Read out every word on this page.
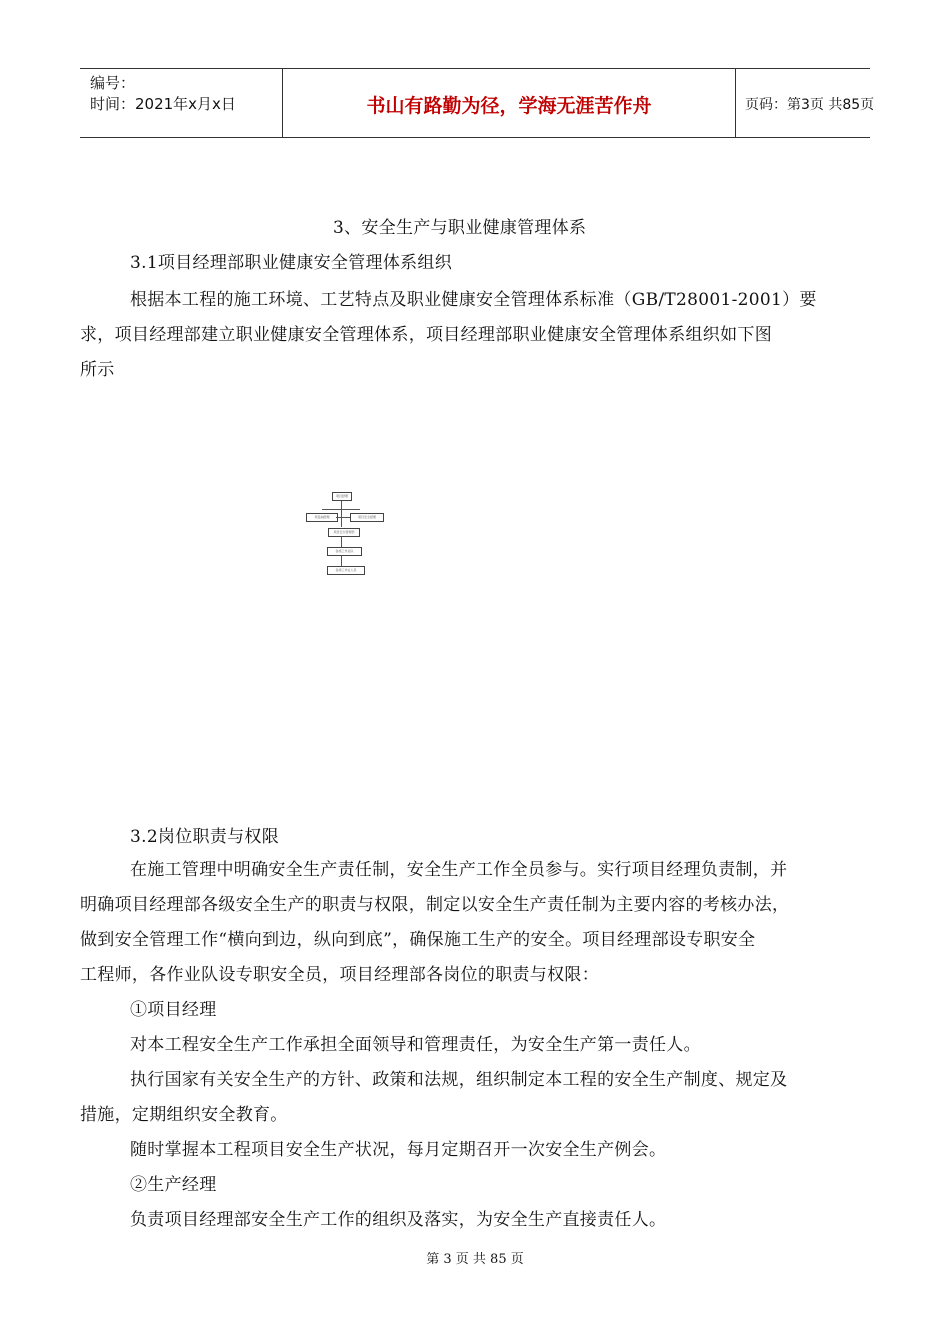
编号：
时间：2021年x月x日	书山有路勤为径，学海无涯苦作舟	页码：第3页 共85页
3、安全生产与职业健康管理体系
3.1项目经理部职业健康安全管理体系组织
根据本工程的施工环境、工艺特点及职业健康安全管理体系标准（GB/T28001-2001）要
求，项目经理部建立职业健康安全管理体系，项目经理部职业健康安全管理体系组织如下图
所示
项目经理
项目副经理	项目安全经理
项目安全管理部
各施工作业队
各施工作业人员
3.2岗位职责与权限
在施工管理中明确安全生产责任制，安全生产工作全员参与。实行项目经理负责制，并
明确项目经理部各级安全生产的职责与权限，制定以安全生产责任制为主要内容的考核办法，
做到安全管理工作“横向到边，纵向到底”，确保施工生产的安全。项目经理部设专职安全
工程师，各作业队设专职安全员，项目经理部各岗位的职责与权限：
①项目经理
对本工程安全生产工作承担全面领导和管理责任，为安全生产第一责任人。
执行国家有关安全生产的方针、政策和法规，组织制定本工程的安全生产制度、规定及
措施，定期组织安全教育。
随时掌握本工程项目安全生产状况，每月定期召开一次安全生产例会。
②生产经理
负责项目经理部安全生产工作的组织及落实，为安全生产直接责任人。
第 3 页 共 85 页
